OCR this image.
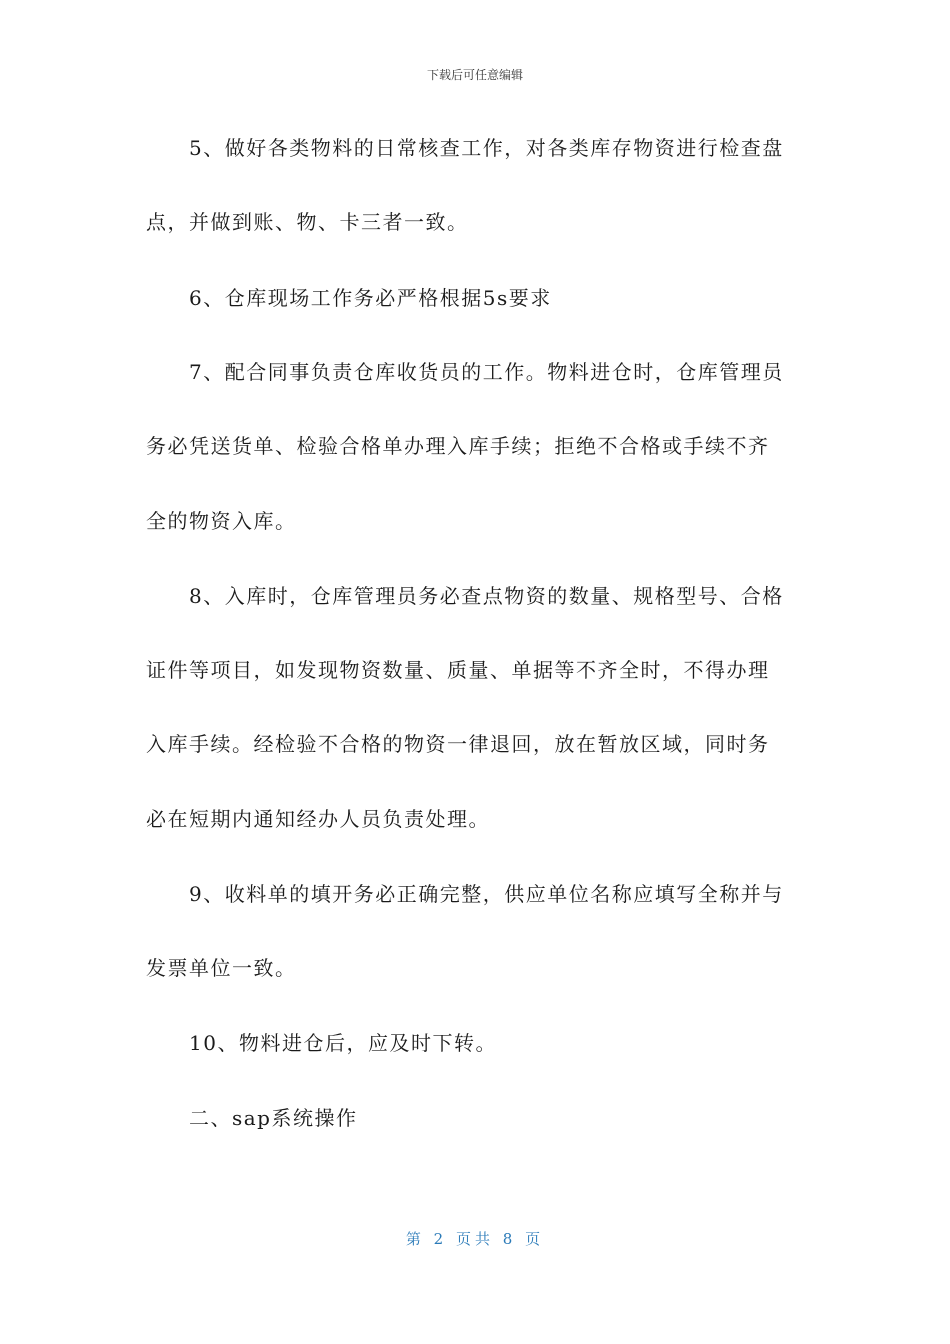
下载后可任意编辑
5、做好各类物料的日常核查工作，对各类库存物资进行检查盘
点，并做到账、物、卡三者一致。
6、仓库现场工作务必严格根据5s要求
7、配合同事负责仓库收货员的工作。物料进仓时，仓库管理员
务必凭送货单、检验合格单办理入库手续；拒绝不合格或手续不齐
全的物资入库。
8、入库时，仓库管理员务必查点物资的数量、规格型号、合格
证件等项目，如发现物资数量、质量、单据等不齐全时，不得办理
入库手续。经检验不合格的物资一律退回，放在暂放区域，同时务
必在短期内通知经办人员负责处理。
9、收料单的填开务必正确完整，供应单位名称应填写全称并与
发票单位一致。
10、物料进仓后，应及时下转。
二、sap系统操作
第 2 页共 8 页
